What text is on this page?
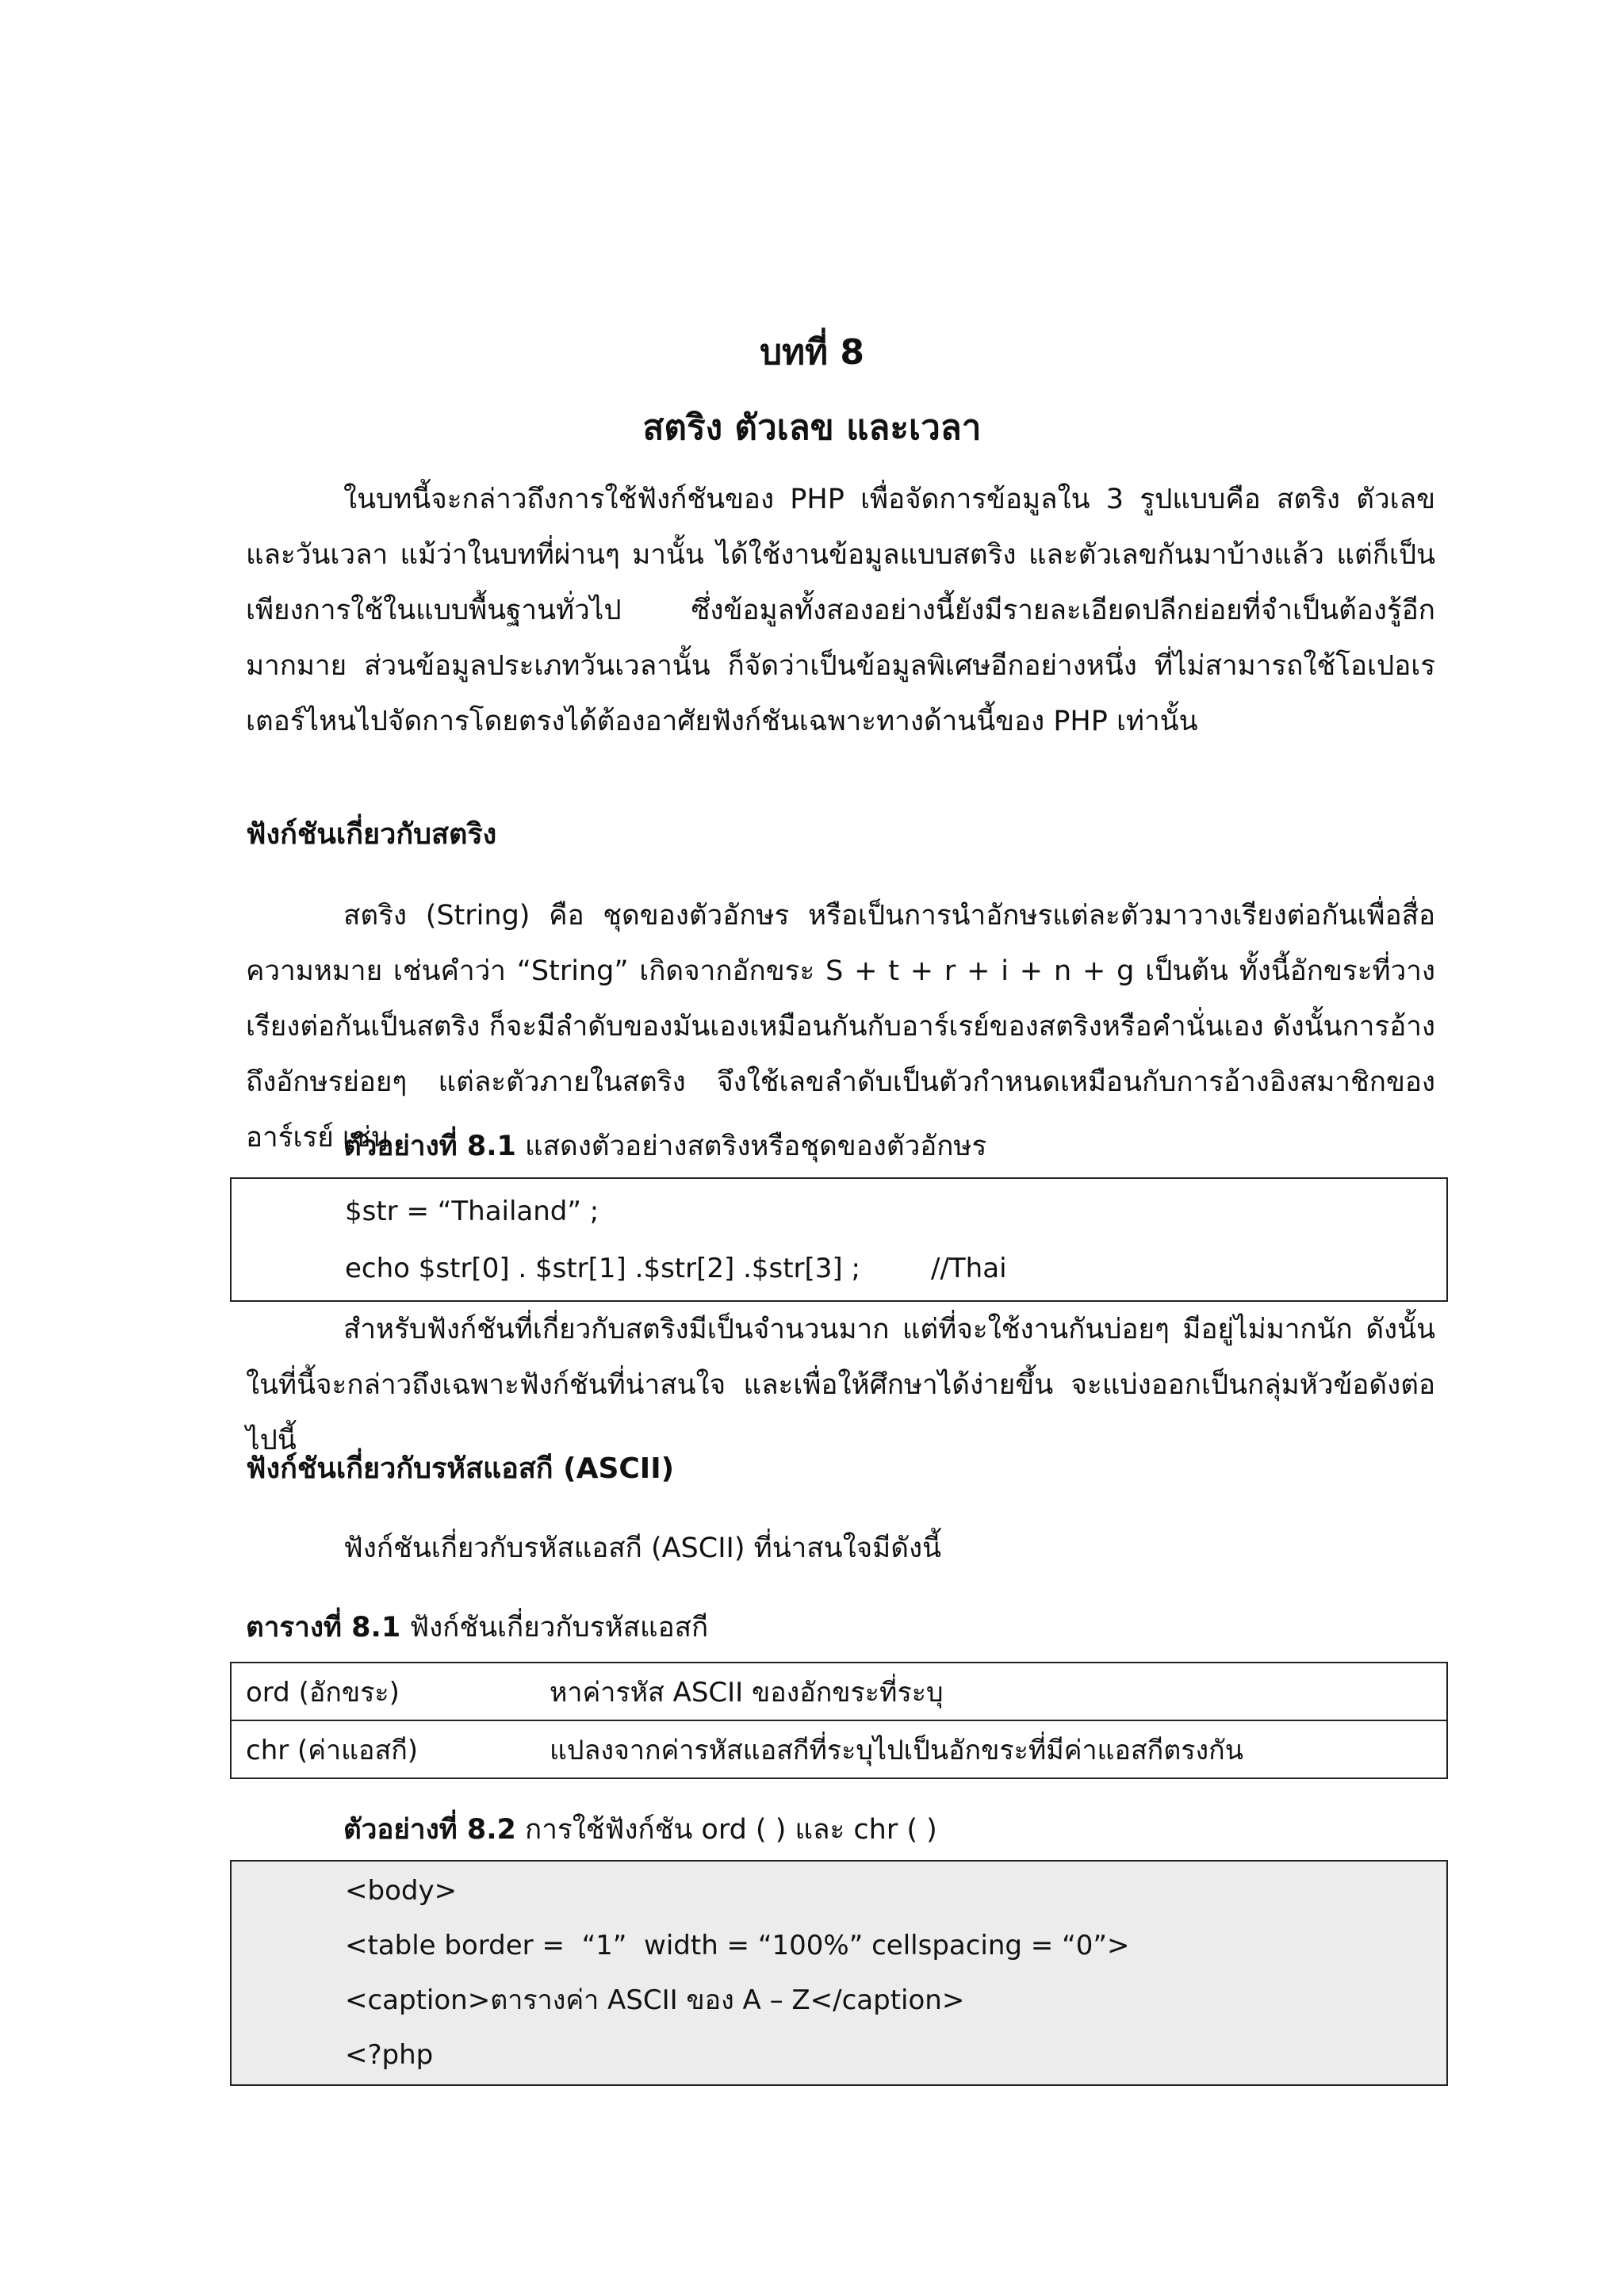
บทที่ 8
สตริง ตัวเลข และเวลา

ในบทนี้จะกล่าวถึงการใช้ฟังก์ชันของ PHP เพื่อจัดการข้อมูลใน 3 รูปแบบคือ สตริง ตัวเลข และวันเวลา แม้ว่าในบทที่ผ่านๆ มานั้น ได้ใช้งานข้อมูลแบบสตริง และตัวเลขกันมาบ้างแล้ว แต่ก็เป็นเพียงการใช้ในแบบพื้นฐานทั่วไป ซึ่งข้อมูลทั้งสองอย่างนี้ยังมีรายละเอียดปลีกย่อยที่จำเป็นต้องรู้อีกมากมาย ส่วนข้อมูลประเภทวันเวลานั้น ก็จัดว่าเป็นข้อมูลพิเศษอีกอย่างหนึ่ง ที่ไม่สามารถใช้โอเปอเรเตอร์ไหนไปจัดการโดยตรงได้ต้องอาศัยฟังก์ชันเฉพาะทางด้านนี้ของ PHP เท่านั้น

ฟังก์ชันเกี่ยวกับสตริง

สตริง (String) คือ ชุดของตัวอักษร หรือเป็นการนำอักษรแต่ละตัวมาวางเรียงต่อกันเพื่อสื่อความหมาย เช่นคำว่า “String” เกิดจากอักขระ S + t + r + i + n + g เป็นต้น ทั้งนี้อักขระที่วางเรียงต่อกันเป็นสตริง ก็จะมีลำดับของมันเองเหมือนกันกับอาร์เรย์ของสตริงหรือคำนั่นเอง ดังนั้นการอ้างถึงอักษรย่อยๆ แต่ละตัวภายในสตริง จึงใช้เลขลำดับเป็นตัวกำหนดเหมือนกับการอ้างอิงสมาชิกของอาร์เรย์ เช่น

ตัวอย่างที่ 8.1 แสดงตัวอย่างสตริงหรือชุดของตัวอักษร
$str = “Thailand” ;
echo $str[0] . $str[1] .$str[2] .$str[3] ;	//Thai

สำหรับฟังก์ชันที่เกี่ยวกับสตริงมีเป็นจำนวนมาก แต่ที่จะใช้งานกันบ่อยๆ มีอยู่ไม่มากนัก ดังนั้นในที่นี้จะกล่าวถึงเฉพาะฟังก์ชันที่น่าสนใจ และเพื่อให้ศึกษาได้ง่ายขึ้น จะแบ่งออกเป็นกลุ่มหัวข้อดังต่อไปนี้

ฟังก์ชันเกี่ยวกับรหัสแอสกี (ASCII)

ฟังก์ชันเกี่ยวกับรหัสแอสกี (ASCII) ที่น่าสนใจมีดังนี้

ตารางที่ 8.1 ฟังก์ชันเกี่ยวกับรหัสแอสกี
ord (อักขระ)	หาค่ารหัส ASCII ของอักขระที่ระบุ
chr (ค่าแอสกี)	แปลงจากค่ารหัสแอสกีที่ระบุไปเป็นอักขระที่มีค่าแอสกีตรงกัน
ตัวอย่างที่ 8.2 การใช้ฟังก์ชัน ord ( ) และ chr ( )
<body>
<table border =  “1”  width = “100%” cellspacing = “0”>
<caption>ตารางค่า ASCII ของ A – Z</caption>
<?php
